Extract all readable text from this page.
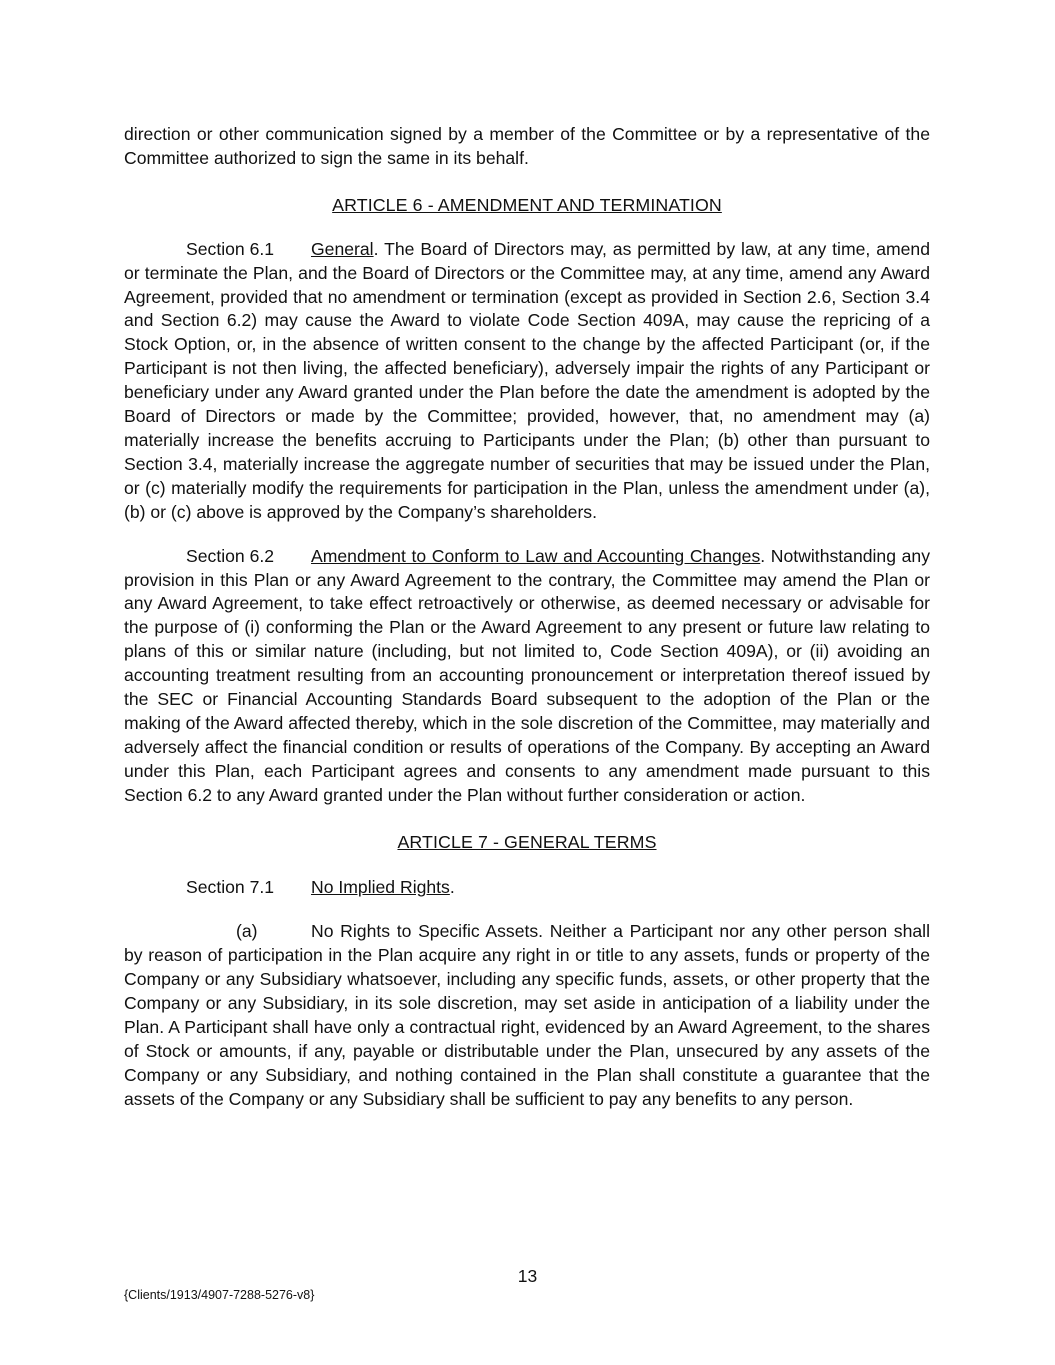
direction or other communication signed by a member of the Committee or by a representative of the Committee authorized to sign the same in its behalf.

ARTICLE 6 - AMENDMENT AND TERMINATION

Section 6.1 General. The Board of Directors may, as permitted by law, at any time, amend or terminate the Plan, and the Board of Directors or the Committee may, at any time, amend any Award Agreement, provided that no amendment or termination (except as provided in Section 2.6, Section 3.4 and Section 6.2) may cause the Award to violate Code Section 409A, may cause the repricing of a Stock Option, or, in the absence of written consent to the change by the affected Participant (or, if the Participant is not then living, the affected beneficiary), adversely impair the rights of any Participant or beneficiary under any Award granted under the Plan before the date the amendment is adopted by the Board of Directors or made by the Committee; provided, however, that, no amendment may (a) materially increase the benefits accruing to Participants under the Plan; (b) other than pursuant to Section 3.4, materially increase the aggregate number of securities that may be issued under the Plan, or (c) materially modify the requirements for participation in the Plan, unless the amendment under (a), (b) or (c) above is approved by the Company’s shareholders.

Section 6.2 Amendment to Conform to Law and Accounting Changes. Notwithstanding any provision in this Plan or any Award Agreement to the contrary, the Committee may amend the Plan or any Award Agreement, to take effect retroactively or otherwise, as deemed necessary or advisable for the purpose of (i) conforming the Plan or the Award Agreement to any present or future law relating to plans of this or similar nature (including, but not limited to, Code Section 409A), or (ii) avoiding an accounting treatment resulting from an accounting pronouncement or interpretation thereof issued by the SEC or Financial Accounting Standards Board subsequent to the adoption of the Plan or the making of the Award affected thereby, which in the sole discretion of the Committee, may materially and adversely affect the financial condition or results of operations of the Company. By accepting an Award under this Plan, each Participant agrees and consents to any amendment made pursuant to this Section 6.2 to any Award granted under the Plan without further consideration or action.

ARTICLE 7 - GENERAL TERMS

Section 7.1 No Implied Rights.

(a)	No Rights to Specific Assets. Neither a Participant nor any other person shall by reason of participation in the Plan acquire any right in or title to any assets, funds or property of the Company or any Subsidiary whatsoever, including any specific funds, assets, or other property that the Company or any Subsidiary, in its sole discretion, may set aside in anticipation of a liability under the Plan. A Participant shall have only a contractual right, evidenced by an Award Agreement, to the shares of Stock or amounts, if any, payable or distributable under the Plan, unsecured by any assets of the Company or any Subsidiary, and nothing contained in the Plan shall constitute a guarantee that the assets of the Company or any Subsidiary shall be sufficient to pay any benefits to any person.

13
{Clients/1913/4907-7288-5276-v8}
